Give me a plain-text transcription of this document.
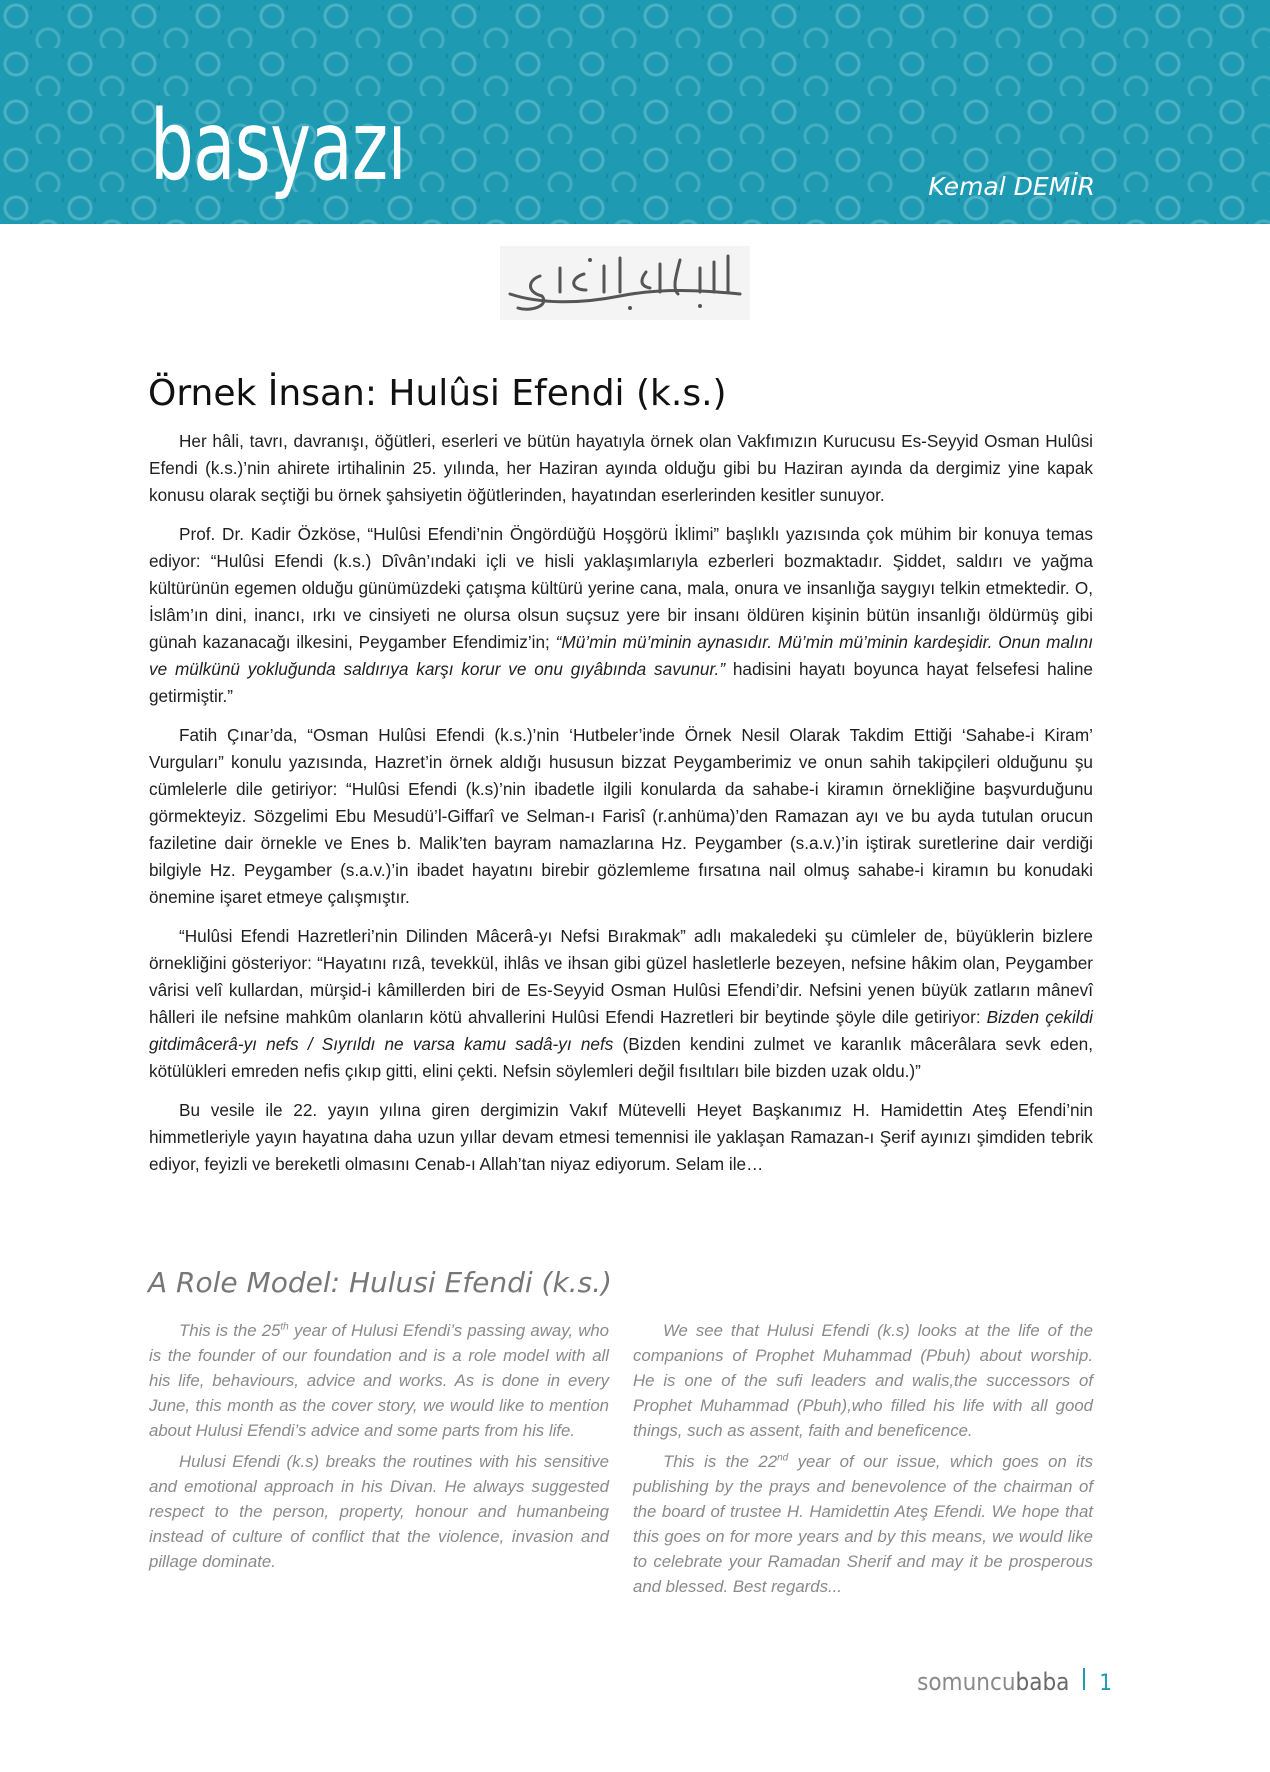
basyazı	Kemal DEMİR
Örnek İnsan: Hulûsi Efendi (k.s.)

Her hâli, tavrı, davranışı, öğütleri, eserleri ve bütün hayatıyla örnek olan Vakfımızın Kurucusu Es-Seyyid Osman Hulûsi Efendi (k.s.)’nin ahirete irtihalinin 25. yılında, her Haziran ayında olduğu gibi bu Haziran ayında da dergimiz yine kapak konusu olarak seçtiği bu örnek şahsiyetin öğütlerinden, hayatından eserlerinden kesitler sunuyor.

Prof. Dr. Kadir Özköse, “Hulûsi Efendi’nin Öngördüğü Hoşgörü İklimi” başlıklı yazısında çok mühim bir konuya temas ediyor: “Hulûsi Efendi (k.s.) Dîvân’ındaki içli ve hisli yaklaşımlarıyla ezberleri bozmaktadır. Şiddet, saldırı ve yağma kültürünün egemen olduğu günümüzdeki çatışma kültürü yerine cana, mala, onura ve insanlığa saygıyı telkin etmektedir. O, İslâm’ın dini, inancı, ırkı ve cinsiyeti ne olursa olsun suçsuz yere bir insanı öldüren kişinin bütün insanlığı öldürmüş gibi günah kazanacağı ilkesini, Peygamber Efendimiz’in; “Mü’min mü’minin aynasıdır. Mü’min mü’minin kardeşidir. Onun malını ve mülkünü yokluğunda saldırıya karşı korur ve onu gıyâbında savunur.” hadisini hayatı boyunca hayat felsefesi haline getirmiştir.”

Fatih Çınar’da, “Osman Hulûsi Efendi (k.s.)’nin ‘Hutbeler’inde Örnek Nesil Olarak Takdim Ettiği ‘Sahabe-i Kiram’ Vurguları” konulu yazısında, Hazret’in örnek aldığı hususun bizzat Peygamberimiz ve onun sahih takipçileri olduğunu şu cümlelerle dile getiriyor: “Hulûsi Efendi (k.s)’nin ibadetle ilgili konularda da sahabe-i kiramın örnekliğine başvurduğunu görmekteyiz. Sözgelimi Ebu Mesudü’l-Giffarî ve Selman-ı Farisî (r.anhüma)’den Ramazan ayı ve bu ayda tutulan orucun faziletine dair örnekle ve Enes b. Malik’ten bayram namazlarına Hz. Peygamber (s.a.v.)’in iştirak suretlerine dair verdiği bilgiyle Hz. Peygamber (s.a.v.)’in ibadet hayatını birebir gözlemleme fırsatına nail olmuş sahabe-i kiramın bu konudaki önemine işaret etmeye çalışmıştır.

“Hulûsi Efendi Hazretleri’nin Dilinden Mâcerâ-yı Nefsi Bırakmak” adlı makaledeki şu cümleler de, büyüklerin bizlere örnekliğini gösteriyor: “Hayatını rızâ, tevekkül, ihlâs ve ihsan gibi güzel hasletlerle bezeyen, nefsine hâkim olan, Peygamber vârisi velî kullardan, mürşid-i kâmillerden biri de Es-Seyyid Osman Hulûsi Efendi’dir. Nefsini yenen büyük zatların mânevî hâlleri ile nefsine mahkûm olanların kötü ahvallerini Hulûsi Efendi Hazretleri bir beytinde şöyle dile getiriyor: Bizden çekildi gitdimâcerâ-yı nefs / Sıyrıldı ne varsa kamu sadâ-yı nefs (Bizden kendini zulmet ve karanlık mâcerâlara sevk eden, kötülükleri emreden nefis çıkıp gitti, elini çekti. Nefsin söylemleri değil fısıltıları bile bizden uzak oldu.)”

Bu vesile ile 22. yayın yılına giren dergimizin Vakıf Mütevelli Heyet Başkanımız H. Hamidettin Ateş Efendi’nin himmetleriyle yayın hayatına daha uzun yıllar devam etmesi temennisi ile yaklaşan Ramazan-ı Şerif ayınızı şimdiden tebrik ediyor, feyizli ve bereketli olmasını Cenab-ı Allah’tan niyaz ediyorum. Selam ile…

A Role Model: Hulusi Efendi (k.s.)

This is the 25th year of Hulusi Efendi’s passing away, who is the founder of our foundation and is a role model with all his life, behaviours, advice and works. As is done in every June, this month as the cover story, we would like to mention about Hulusi Efendi’s advice and some parts from his life.

Hulusi Efendi (k.s) breaks the routines with his sensitive and emotional approach in his Divan. He always suggested respect to the person, property, honour and humanbeing instead of culture of conflict that the violence, invasion and pillage dominate.

We see that Hulusi Efendi (k.s) looks at the life of the companions of Prophet Muhammad (Pbuh) about worship. He is one of the sufi leaders and walis,the successors of Prophet Muhammad (Pbuh),who filled his life with all good things, such as assent, faith and beneficence.

This is the 22nd year of our issue, which goes on its publishing by the prays and benevolence of the chairman of the board of trustee H. Hamidettin Ateş Efendi. We hope that this goes on for more years and by this means, we would like to celebrate your Ramadan Sherif and may it be prosperous and blessed. Best regards...

somuncubaba 1
